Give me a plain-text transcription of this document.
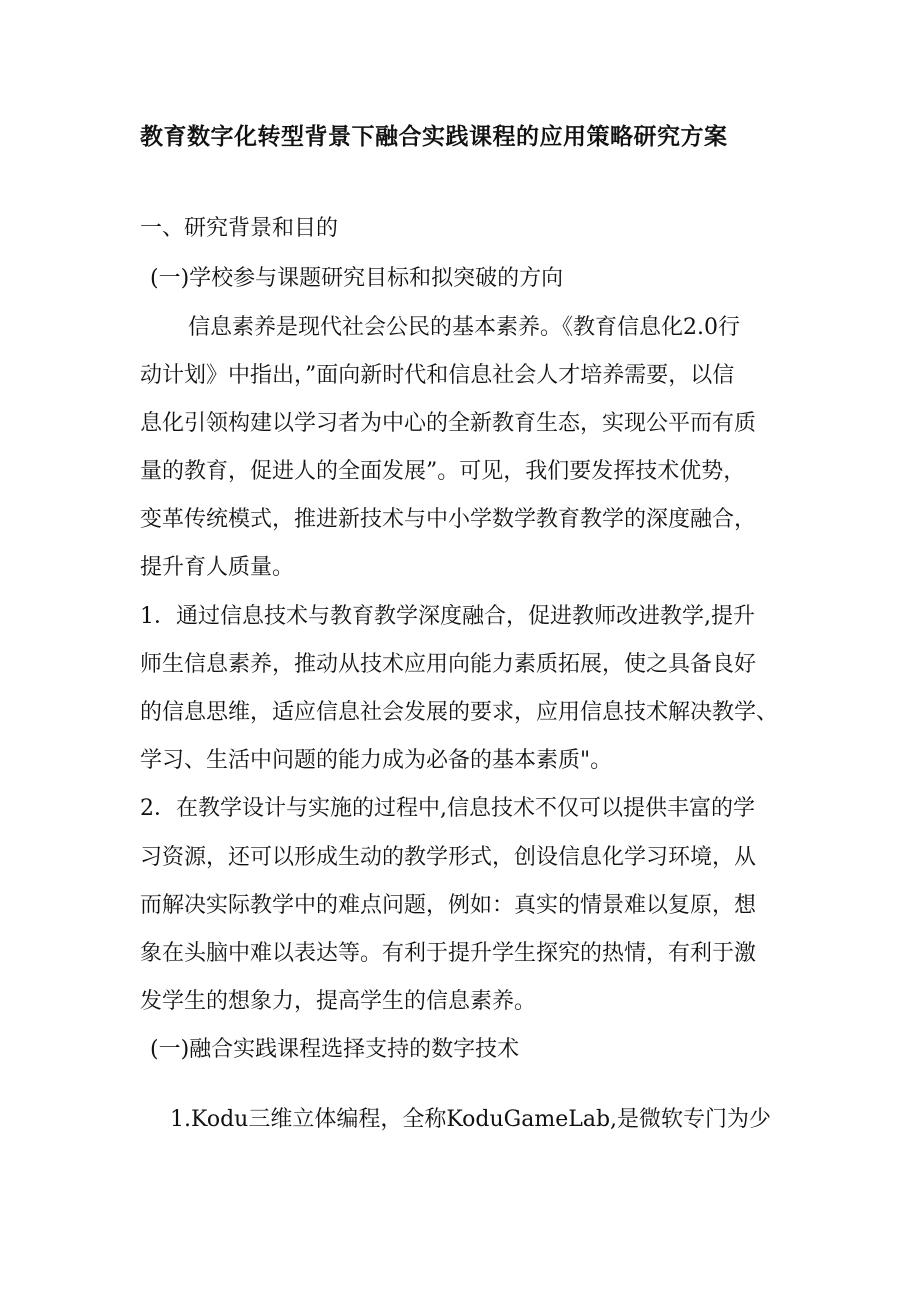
教育数字化转型背景下融合实践课程的应用策略研究方案
一、研究背景和目的
(一)学校参与课题研究目标和拟突破的方向
信息素养是现代社会公民的基本素养。《教育信息化2.0行
动计划》中指出，”面向新时代和信息社会人才培养需要，以信
息化引领构建以学习者为中心的全新教育生态，实现公平而有质
量的教育，促进人的全面发展”。可见，我们要发挥技术优势，
变革传统模式，推进新技术与中小学数学教育教学的深度融合，
提升育人质量。
1．通过信息技术与教育教学深度融合，促进教师改进教学,提升
师生信息素养，推动从技术应用向能力素质拓展，使之具备良好
的信息思维，适应信息社会发展的要求，应用信息技术解决教学、
学习、生活中问题的能力成为必备的基本素质"。
2．在教学设计与实施的过程中,信息技术不仅可以提供丰富的学
习资源，还可以形成生动的教学形式，创设信息化学习环境，从
而解决实际教学中的难点问题，例如：真实的情景难以复原，想
象在头脑中难以表达等。有利于提升学生探究的热情，有利于激
发学生的想象力，提高学生的信息素养。
(一)融合实践课程选择支持的数字技术
1.Kodu三维立体编程，全称KoduGameLab,是微软专门为少
